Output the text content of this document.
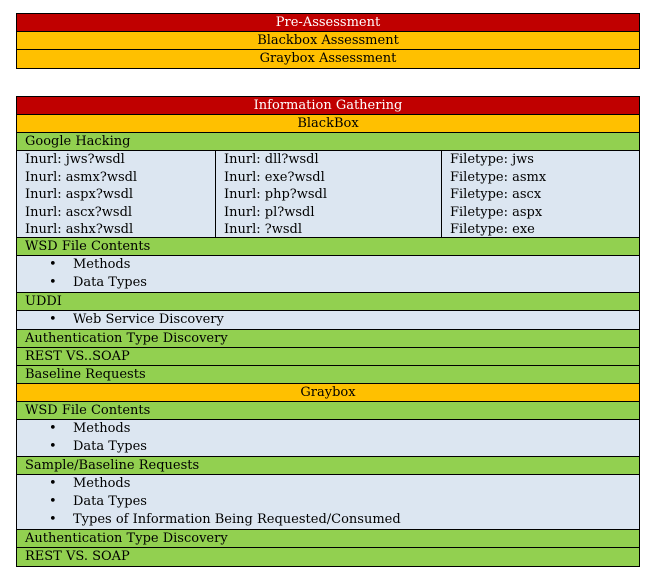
Pre-Assessment
Blackbox Assessment
Graybox Assessment
Information Gathering
BlackBox
Google Hacking
Inurl: jws?wsdl
Inurl: asmx?wsdl
Inurl: aspx?wsdl
Inurl: ascx?wsdl
Inurl: ashx?wsdl
Inurl: dll?wsdl
Inurl: exe?wsdl
Inurl: php?wsdl
Inurl: pl?wsdl
Inurl: ?wsdl
Filetype: jws
Filetype: asmx
Filetype: ascx
Filetype: aspx
Filetype: exe
WSD File Contents
• Methods
• Data Types
UDDI
• Web Service Discovery
Authentication Type Discovery
REST VS..SOAP
Baseline Requests
Graybox
WSD File Contents
• Methods
• Data Types
Sample/Baseline Requests
• Methods
• Data Types
• Types of Information Being Requested/Consumed
Authentication Type Discovery
REST VS. SOAP
